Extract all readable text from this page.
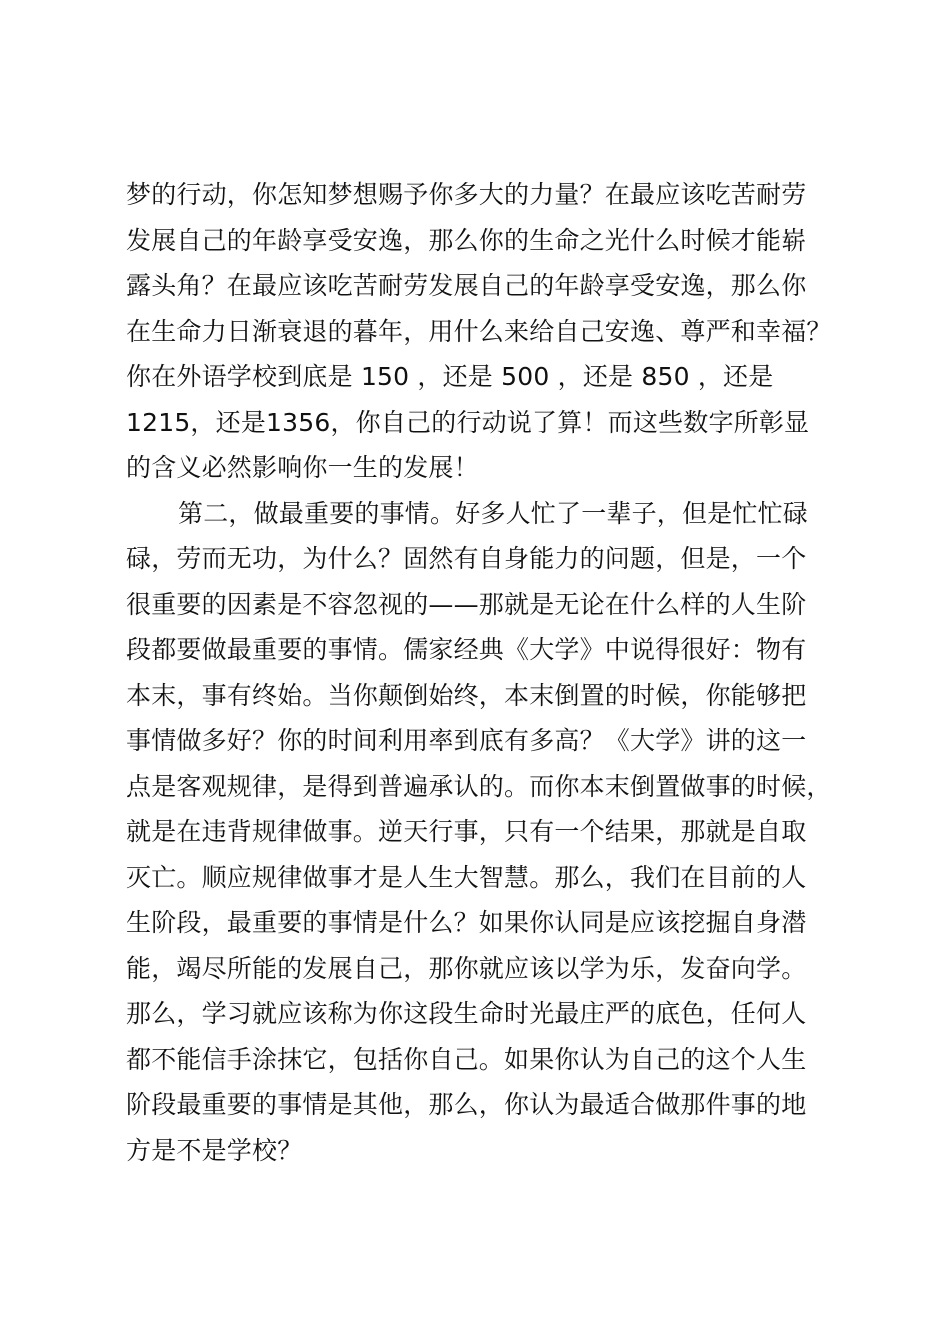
梦的行动，你怎知梦想赐予你多大的力量？在最应该吃苦耐劳
发展自己的年龄享受安逸，那么你的生命之光什么时候才能崭
露头角？在最应该吃苦耐劳发展自己的年龄享受安逸，那么你
在生命力日渐衰退的暮年，用什么来给自己安逸、尊严和幸福？
你在外语学校到底是 150 ，还是 500 ，还是 850 ，还是
1215，还是1356，你自己的行动说了算！而这些数字所彰显
的含义必然影响你一生的发展！
第二，做最重要的事情。好多人忙了一辈子，但是忙忙碌
碌，劳而无功，为什么？固然有自身能力的问题，但是，一个
很重要的因素是不容忽视的——那就是无论在什么样的人生阶
段都要做最重要的事情。儒家经典《大学》中说得很好：物有
本末，事有终始。当你颠倒始终，本末倒置的时候，你能够把
事情做多好？你的时间利用率到底有多高？《大学》讲的这一
点是客观规律，是得到普遍承认的。而你本末倒置做事的时候，
就是在违背规律做事。逆天行事，只有一个结果，那就是自取
灭亡。顺应规律做事才是人生大智慧。那么，我们在目前的人
生阶段，最重要的事情是什么？如果你认同是应该挖掘自身潜
能，竭尽所能的发展自己，那你就应该以学为乐，发奋向学。
那么，学习就应该称为你这段生命时光最庄严的底色，任何人
都不能信手涂抹它，包括你自己。如果你认为自己的这个人生
阶段最重要的事情是其他，那么，你认为最适合做那件事的地
方是不是学校？
